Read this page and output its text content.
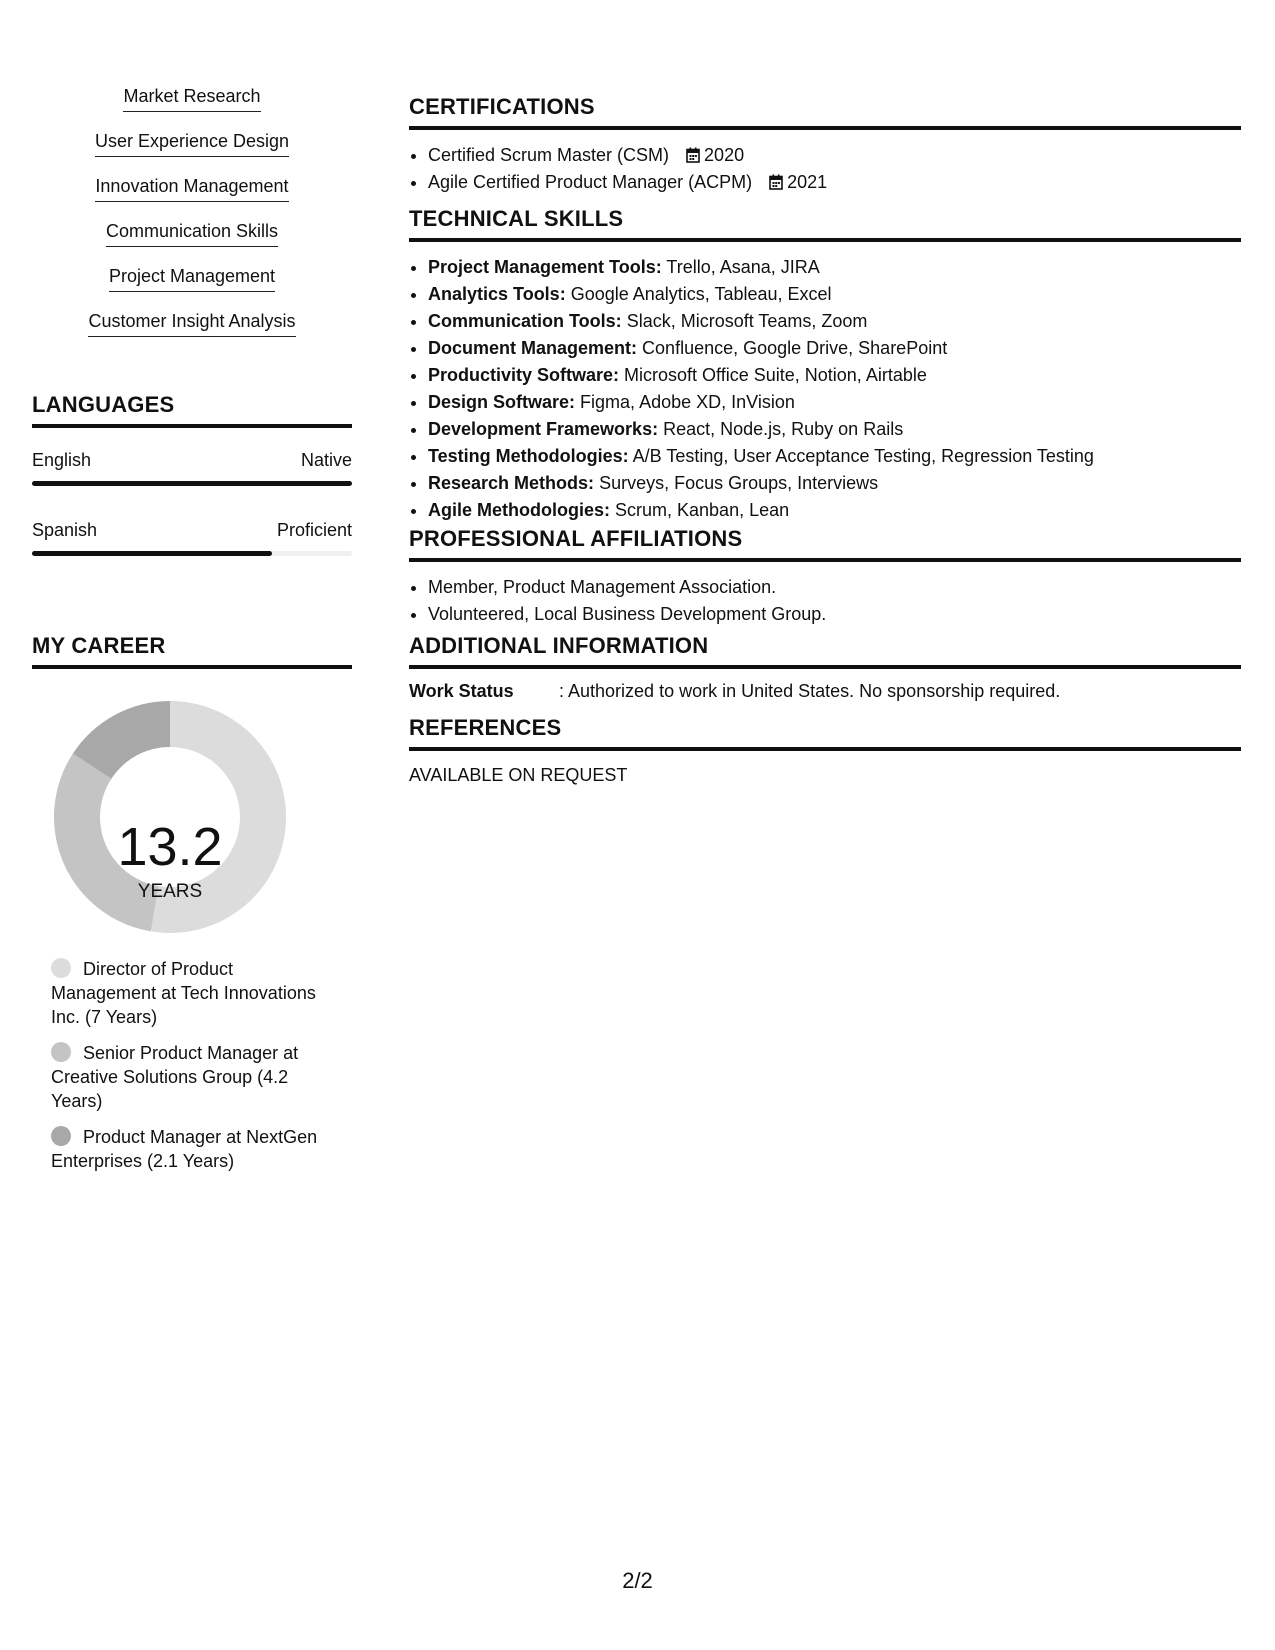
Market Research
User Experience Design
Innovation Management
Communication Skills
Project Management
Customer Insight Analysis
LANGUAGES
English	Native
Spanish	Proficient
MY CAREER
13.2
YEARS
Director of Product Management at Tech Innovations Inc. (7 Years)
Senior Product Manager at Creative Solutions Group (4.2 Years)
Product Manager at NextGen Enterprises (2.1 Years)
CERTIFICATIONS
• Certified Scrum Master (CSM) 2020
• Agile Certified Product Manager (ACPM) 2021
TECHNICAL SKILLS
• Project Management Tools: Trello, Asana, JIRA
• Analytics Tools: Google Analytics, Tableau, Excel
• Communication Tools: Slack, Microsoft Teams, Zoom
• Document Management: Confluence, Google Drive, SharePoint
• Productivity Software: Microsoft Office Suite, Notion, Airtable
• Design Software: Figma, Adobe XD, InVision
• Development Frameworks: React, Node.js, Ruby on Rails
• Testing Methodologies: A/B Testing, User Acceptance Testing, Regression Testing
• Research Methods: Surveys, Focus Groups, Interviews
• Agile Methodologies: Scrum, Kanban, Lean
PROFESSIONAL AFFILIATIONS
• Member, Product Management Association.
• Volunteered, Local Business Development Group.
ADDITIONAL INFORMATION
Work Status	: Authorized to work in United States. No sponsorship required.
REFERENCES
AVAILABLE ON REQUEST
2/2
